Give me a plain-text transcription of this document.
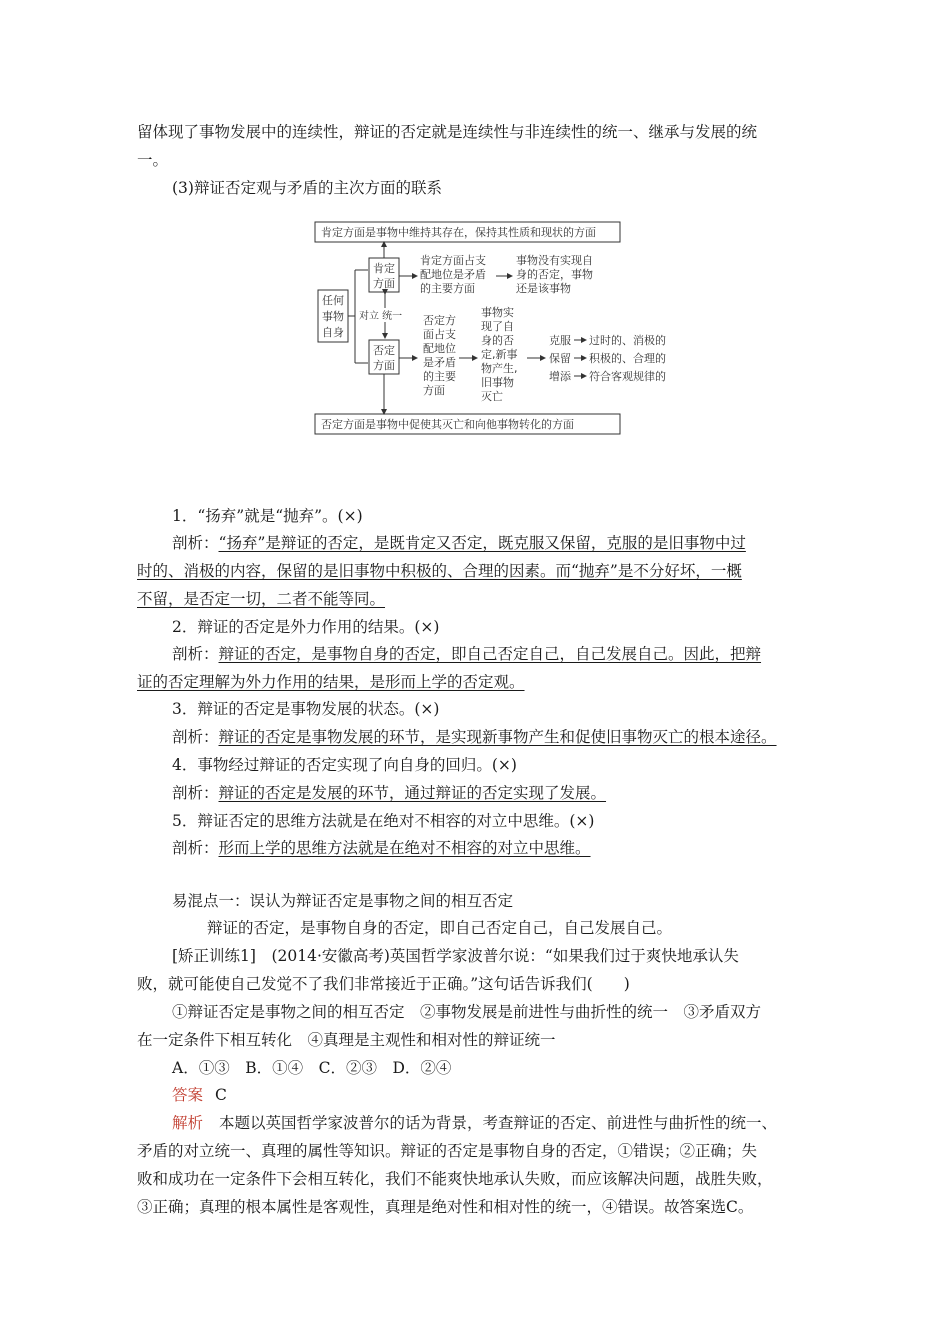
留体现了事物发展中的连续性，辩证的否定就是连续性与非连续性的统一、继承与发展的统
一。
(3)辩证否定观与矛盾的主次方面的联系
肯定方面是事物中维持其存在，保持其性质和现状的方面
否定方面是事物中促使其灭亡和向他事物转化的方面
任何
事物
自身
肯定
方面
否定
方面
对立 统一
肯定方面占支
配地位是矛盾
的主要方面
事物没有实现自
身的否定，事物
还是该事物
否定方
面占支
配地位
是矛盾
的主要
方面
事物实
现了自
身的否
定,新事
物产生,
旧事物
灭亡
克服
保留
增添
过时的、消极的
积极的、合理的
符合客观规律的
1．“扬弃”就是“抛弃”。(×)
剖析：“扬弃”是辩证的否定，是既肯定又否定，既克服又保留，克服的是旧事物中过
时的、消极的内容，保留的是旧事物中积极的、合理的因素。而“抛弃”是不分好坏，一概
不留，是否定一切，二者不能等同。
2．辩证的否定是外力作用的结果。(×)
剖析：辩证的否定，是事物自身的否定，即自己否定自己，自己发展自己。因此，把辩
证的否定理解为外力作用的结果，是形而上学的否定观。
3．辩证的否定是事物发展的状态。(×)
剖析：辩证的否定是事物发展的环节，是实现新事物产生和促使旧事物灭亡的根本途径。
4．事物经过辩证的否定实现了向自身的回归。(×)
剖析：辩证的否定是发展的环节，通过辩证的否定实现了发展。
5．辩证否定的思维方法就是在绝对不相容的对立中思维。(×)
剖析：形而上学的思维方法就是在绝对不相容的对立中思维。
易混点一：误认为辩证否定是事物之间的相互否定
辩证的否定，是事物自身的否定，即自己否定自己，自己发展自己。
[矫正训练1]　(2014·安徽高考)英国哲学家波普尔说：“如果我们过于爽快地承认失
败，就可能使自己发觉不了我们非常接近于正确。”这句话告诉我们(　　)
①辩证否定是事物之间的相互否定　②事物发展是前进性与曲折性的统一　③矛盾双方
在一定条件下相互转化　④真理是主观性和相对性的辩证统一
A．①③　B．①④　C．②③　D．②④
答案 C
解析 本题以英国哲学家波普尔的话为背景，考查辩证的否定、前进性与曲折性的统一、
矛盾的对立统一、真理的属性等知识。辩证的否定是事物自身的否定，①错误；②正确；失
败和成功在一定条件下会相互转化，我们不能爽快地承认失败，而应该解决问题，战胜失败，
③正确；真理的根本属性是客观性，真理是绝对性和相对性的统一，④错误。故答案选C。
